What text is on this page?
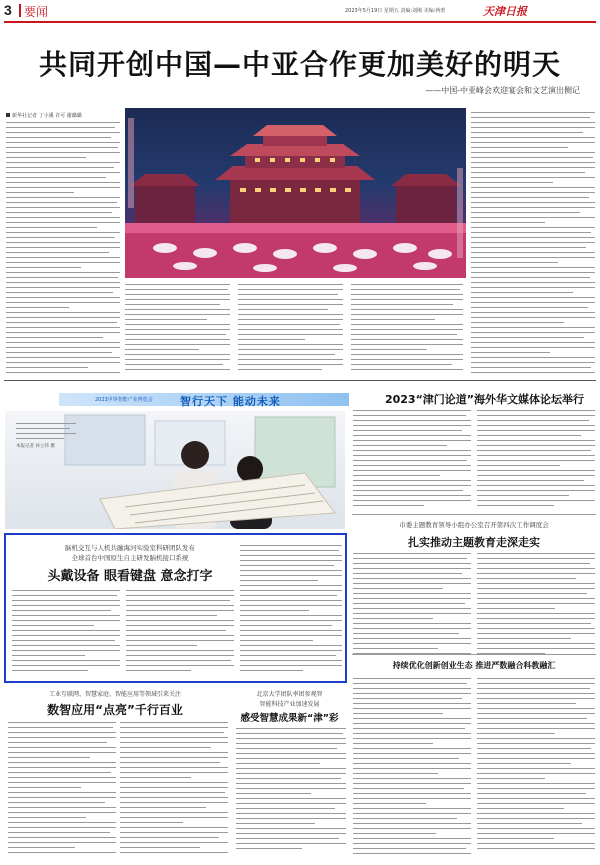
3 要闻	2023年5月19日 星期五 责编:刘刚 美编:蒋蕾	天津日报
共同开创中国—中亚合作更加美好的明天
——中国-中亚峰会欢迎宴会和文艺演出侧记
新华社记者 丁小溪 许可 谢璐璐
2023“津门论道”海外华文媒体论坛举行
市委主题教育领导小组办公室召开第四次工作调度会
扎实推动主题教育走深走实
持续优化创新创业生态 推进严数融合科教融汇
2023世界智能产业博览会 智行天下 能动未来
本报记者 孙立伟 摄
脑机交互与人机共融海河实验室科研团队发布
全球首台中国原生自主研发脑机接口系统
头戴设备 眼看键盘 意念打字
工业互联网、智慧家庭、智能应用等领域引来关注
数智应用“点亮”千行百业
北京大学团队率团参观智
智能科技产业加速发展
感受智慧成果新“津”彩
